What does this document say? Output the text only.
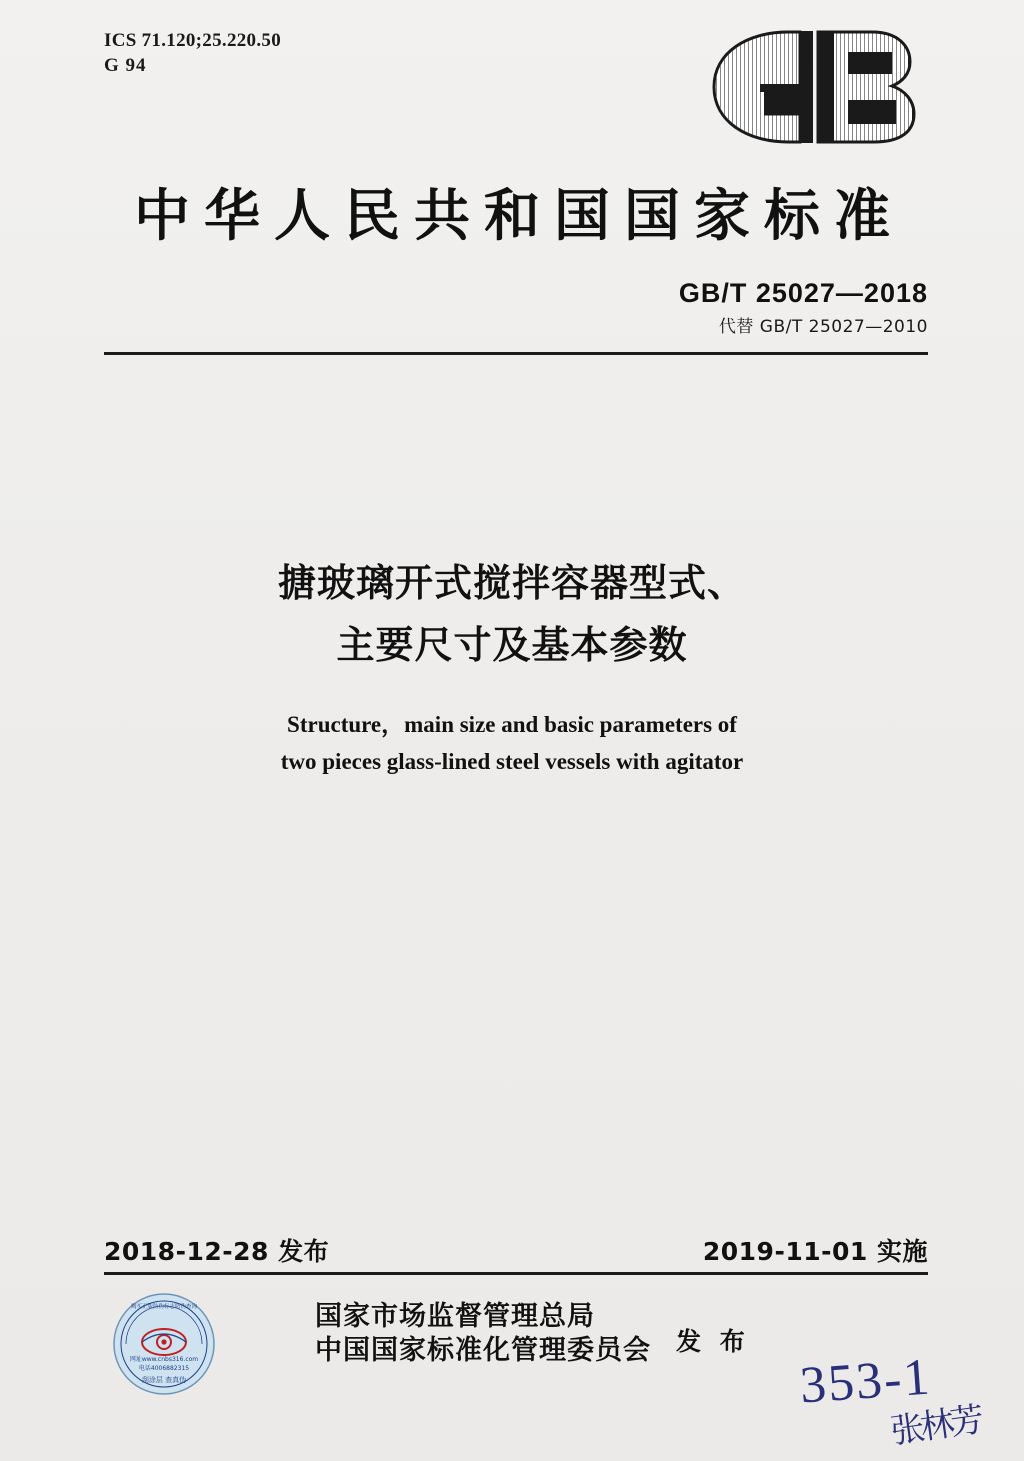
ICS 71.120;25.220.50
G 94
中华人民共和国国家标准
GB/T 25027—2018
代替 GB/T 25027—2010
搪玻璃开式搅拌容器型式、
主要尺寸及基本参数
Structure，main size and basic parameters of
two pieces glass-lined steel vessels with agitator
2018-12-28 发布	2019-11-01 实施
购买正版防伪标志防伪查询
网址www.cnbs316.com
电话4006882315
刮涂层 查真伪
国家市场监督管理总局
中国国家标准化管理委员会 发 布
353-1
张林芳
